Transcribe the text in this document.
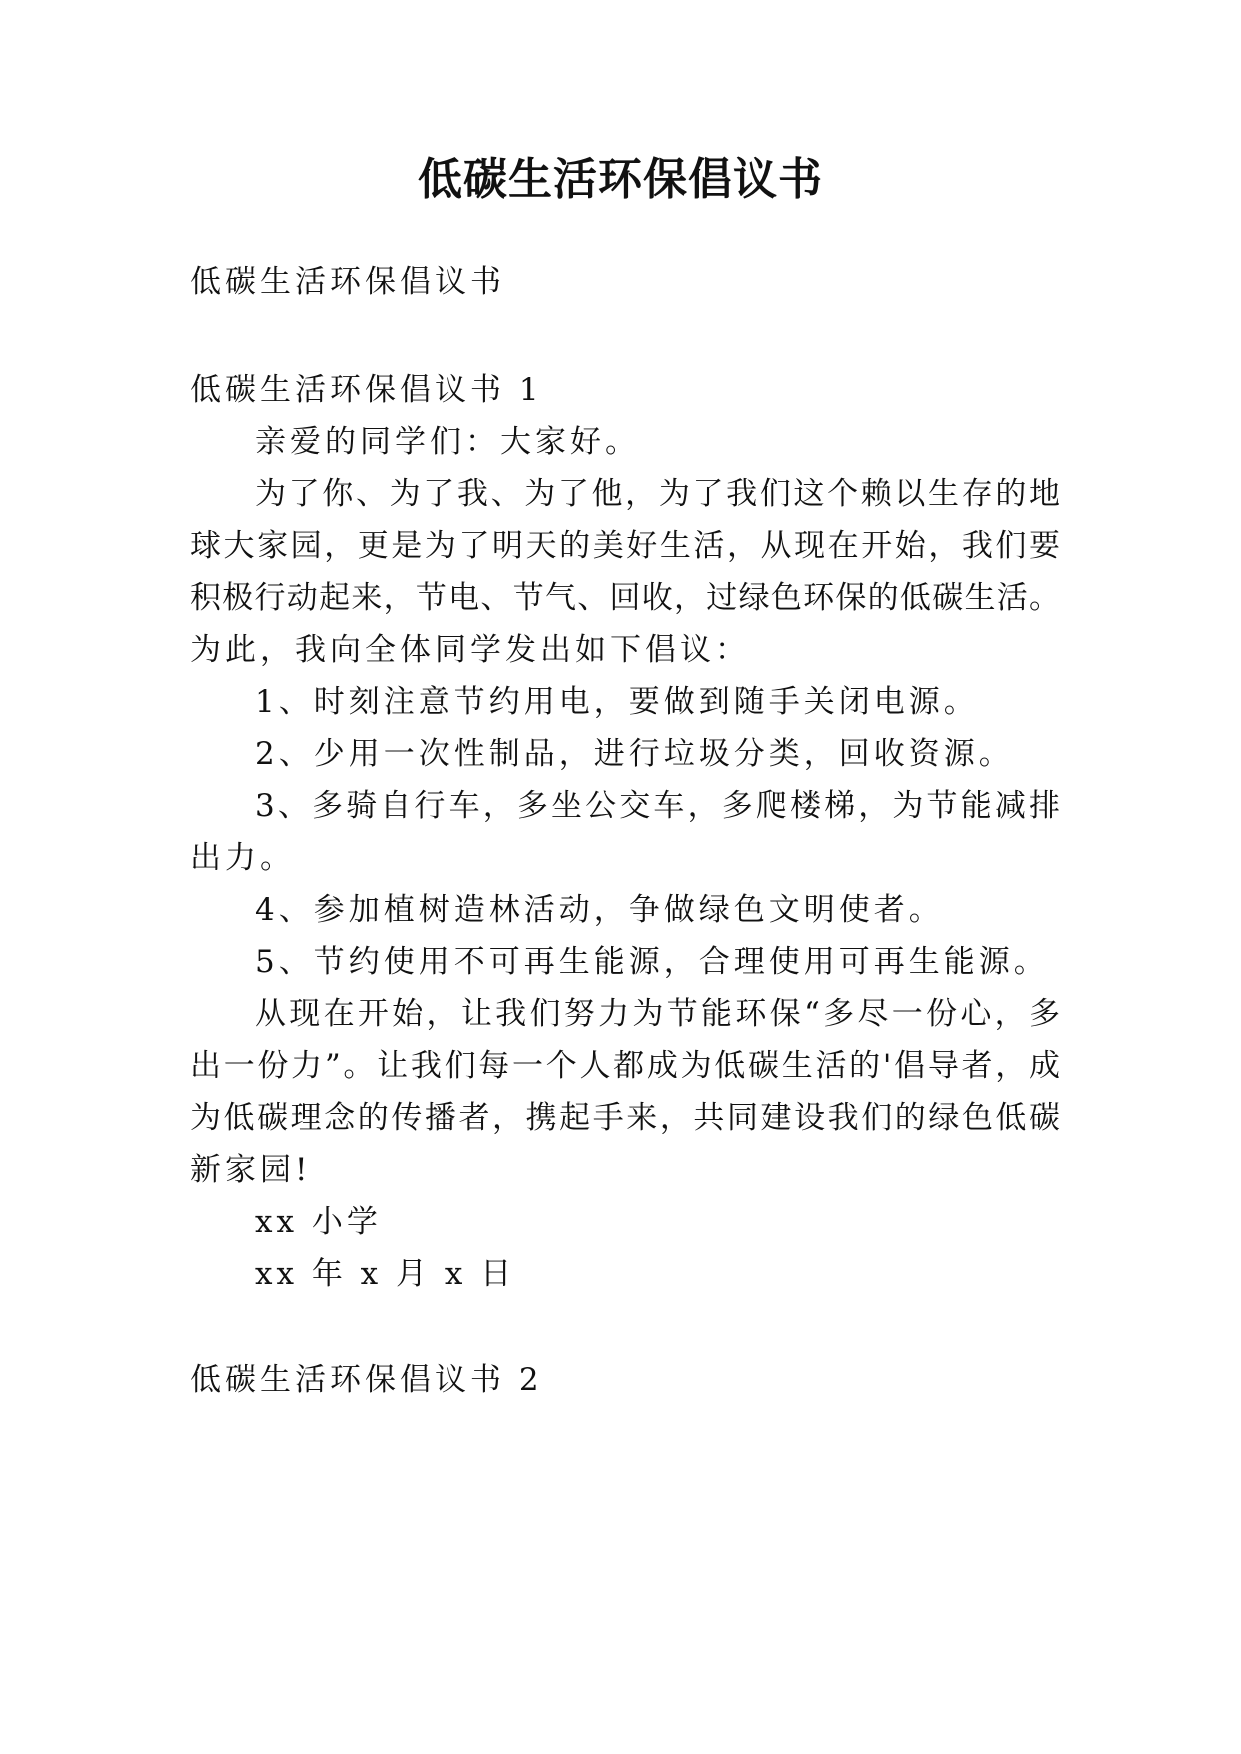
低碳生活环保倡议书

低碳生活环保倡议书

低碳生活环保倡议书 1

亲爱的同学们：大家好。

为了你、为了我、为了他，为了我们这个赖以生存的地

球大家园，更是为了明天的美好生活，从现在开始，我们要

积极行动起来，节电、节气、回收，过绿色环保的低碳生活。

为此，我向全体同学发出如下倡议：

1、时刻注意节约用电，要做到随手关闭电源。

2、少用一次性制品，进行垃圾分类，回收资源。

3、多骑自行车，多坐公交车，多爬楼梯，为节能减排

出力。

4、参加植树造林活动，争做绿色文明使者。

5、节约使用不可再生能源，合理使用可再生能源。

从现在开始，让我们努力为节能环保“多尽一份心，多

出一份力”。让我们每一个人都成为低碳生活的'倡导者，成

为低碳理念的传播者，携起手来，共同建设我们的绿色低碳

新家园!

xx 小学

xx 年 x 月 x 日

低碳生活环保倡议书 2
